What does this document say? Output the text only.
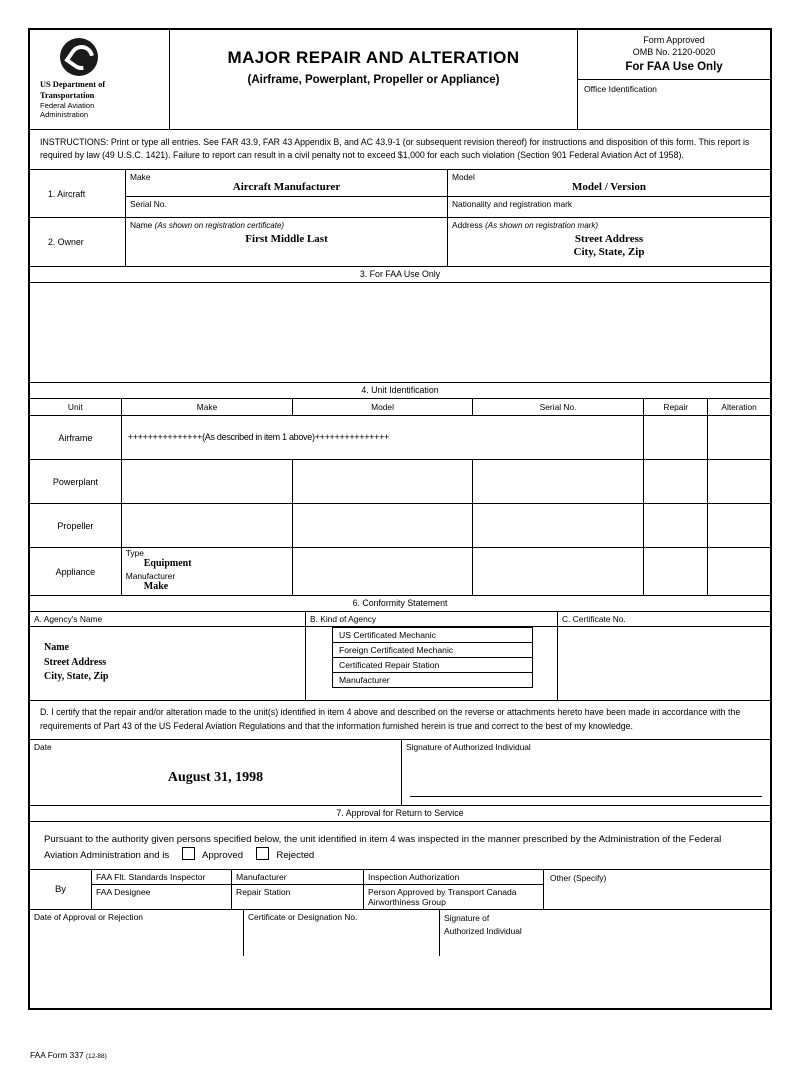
US Department of
Transportation
Federal Aviation
Administration
MAJOR REPAIR AND ALTERATION
(Airframe, Powerplant, Propeller or Appliance)
Form Approved
OMB No. 2120-0020
For FAA Use Only
Office Identification
INSTRUCTIONS: Print or type all entries. See FAR 43.9, FAR 43 Appendix B, and AC 43.9-1 (or subsequent revision thereof) for instructions and disposition of this form. This report is required by law (49 U.S.C. 1421). Failure to report can result in a civil penalty not to exceed $1,000 for each such violation (Section 901 Federal Aviation Act of 1958).
1. Aircraft
Make
Aircraft Manufacturer
Model
Model / Version
Serial No.	Nationality and registration mark
2. Owner
Name (As shown on registration certificate)
First Middle Last
Address (As shown on registration mark)
Street Address
City, State, Zip
3. For FAA Use Only
4. Unit Identification
Unit	Make	Model	Serial No.	Repair	Alteration
Airframe	+++++++++++++++(As described in item 1 above)+++++++++++++++
Powerplant
Propeller
Appliance
Type
Equipment
Manufacturer
Make
6. Conformity Statement
A. Agency's Name	B. Kind of Agency	C. Certificate No.
Name
Street Address
City, State, Zip
US Certificated Mechanic
Foreign Certificated Mechanic
Certificated Repair Station
Manufacturer
D. I certify that the repair and/or alteration made to the unit(s) identified in item 4 above and described on the reverse or attachments hereto have been made in accordance with the requirements of Part 43 of the US Federal Aviation Regulations and that the information furnished herein is true and correct to the best of my knowledge.
Date
August 31, 1998
Signature of Authorized Individual
7. Approval for Return to Service
Pursuant to the authority given persons specified below, the unit identified in item 4 was inspected in the manner prescribed by the Administration of the Federal Aviation Administration and is	Approved	Rejected
By
FAA Flt. Standards Inspector
FAA Designee
Manufacturer
Repair Station
Inspection Authorization
Person Approved by Transport Canada Airworthiness Group
Other (Specify)
Date of Approval or Rejection	Certificate or Designation No.	Signature of
Authorized Individual
FAA Form 337 (12-88)
